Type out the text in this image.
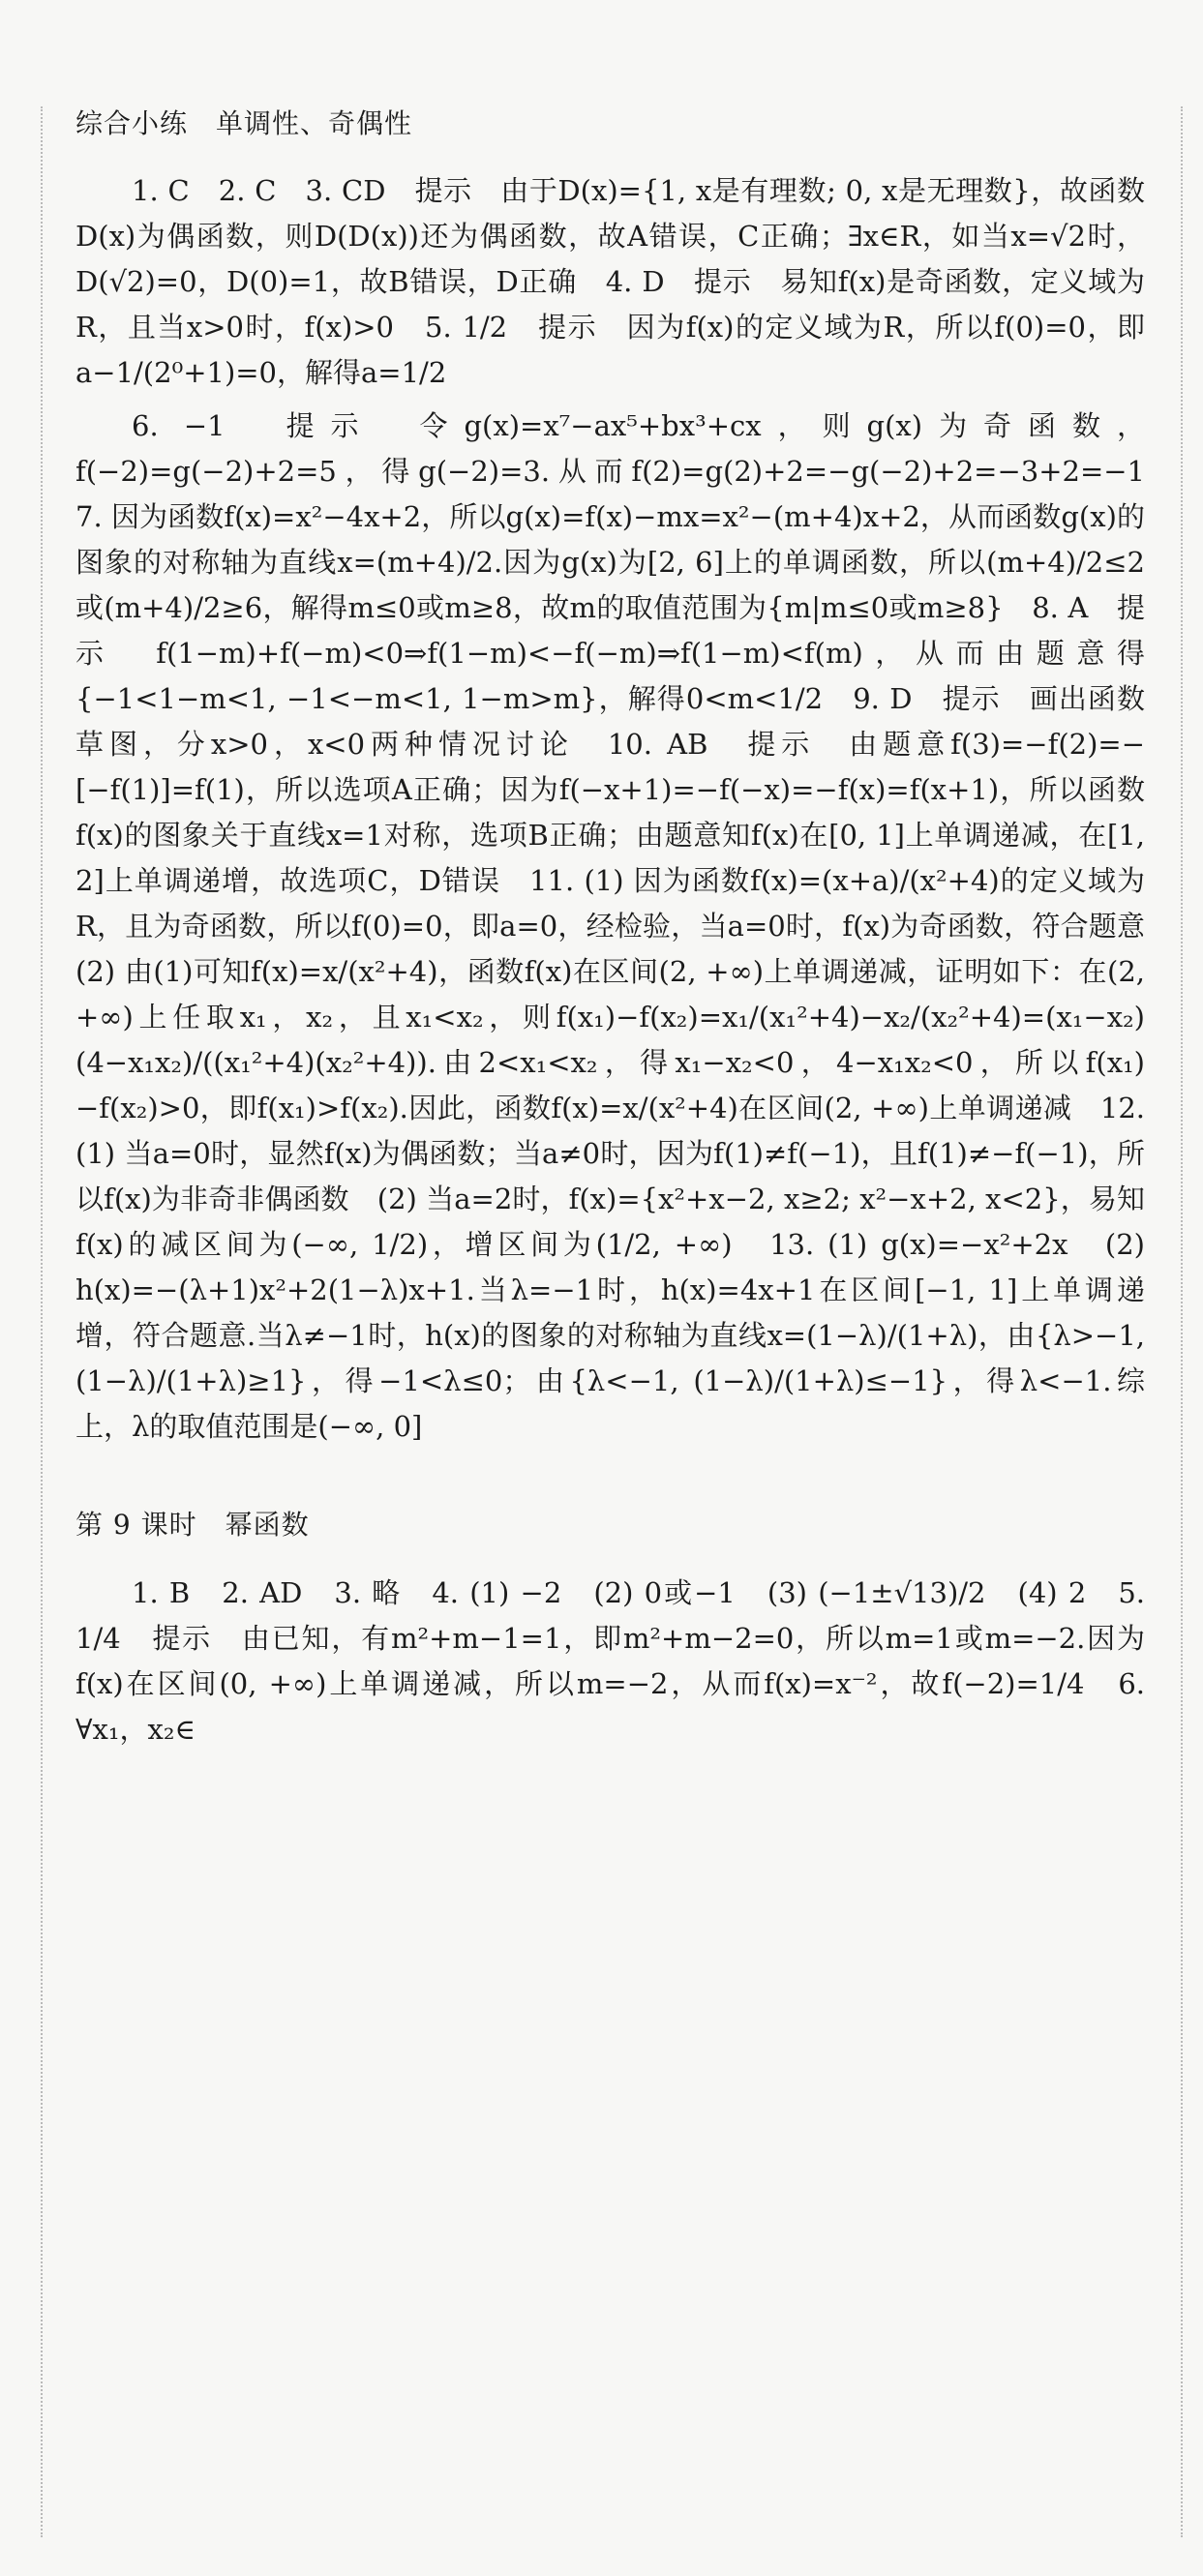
综合小练　单调性、奇偶性

1. C　2. C　3. CD　提示　由于D(x)={1, x是有理数; 0, x是无理数}，故函数D(x)为偶函数，则D(D(x))还为偶函数，故A错误，C正确；∃x∈R，如当x=√2时，D(√2)=0，D(0)=1，故B错误，D正确　4. D　提示　易知f(x)是奇函数，定义域为R，且当x>0时，f(x)>0　5. 1/2　提示　因为f(x)的定义域为R，所以f(0)=0，即a−1/(2⁰+1)=0，解得a=1/2

6. −1　提示　令g(x)=x⁷−ax⁵+bx³+cx，则g(x)为奇函数，f(−2)=g(−2)+2=5，得g(−2)=3.从而f(2)=g(2)+2=−g(−2)+2=−3+2=−1　7. 因为函数f(x)=x²−4x+2，所以g(x)=f(x)−mx=x²−(m+4)x+2，从而函数g(x)的图象的对称轴为直线x=(m+4)/2.因为g(x)为[2, 6]上的单调函数，所以(m+4)/2≤2或(m+4)/2≥6，解得m≤0或m≥8，故m的取值范围为{m|m≤0或m≥8}　8. A　提示　f(1−m)+f(−m)<0⇒f(1−m)<−f(−m)⇒f(1−m)<f(m)，从而由题意得{−1<1−m<1, −1<−m<1, 1−m>m}，解得0<m<1/2　9. D　提示　画出函数草图，分x>0，x<0两种情况讨论　10. AB　提示　由题意f(3)=−f(2)=−[−f(1)]=f(1)，所以选项A正确；因为f(−x+1)=−f(−x)=−f(x)=f(x+1)，所以函数f(x)的图象关于直线x=1对称，选项B正确；由题意知f(x)在[0, 1]上单调递减，在[1, 2]上单调递增，故选项C，D错误　11. (1) 因为函数f(x)=(x+a)/(x²+4)的定义域为R，且为奇函数，所以f(0)=0，即a=0，经检验，当a=0时，f(x)为奇函数，符合题意　(2) 由(1)可知f(x)=x/(x²+4)，函数f(x)在区间(2, +∞)上单调递减，证明如下：在(2, +∞)上任取x₁，x₂，且x₁<x₂，则f(x₁)−f(x₂)=x₁/(x₁²+4)−x₂/(x₂²+4)=(x₁−x₂)(4−x₁x₂)/((x₁²+4)(x₂²+4)).由2<x₁<x₂，得x₁−x₂<0，4−x₁x₂<0，所以f(x₁)−f(x₂)>0，即f(x₁)>f(x₂).因此，函数f(x)=x/(x²+4)在区间(2, +∞)上单调递减　12. (1) 当a=0时，显然f(x)为偶函数；当a≠0时，因为f(1)≠f(−1)，且f(1)≠−f(−1)，所以f(x)为非奇非偶函数　(2) 当a=2时，f(x)={x²+x−2, x≥2; x²−x+2, x<2}，易知f(x)的减区间为(−∞, 1/2)，增区间为(1/2, +∞)　13. (1) g(x)=−x²+2x　(2) h(x)=−(λ+1)x²+2(1−λ)x+1.当λ=−1时，h(x)=4x+1在区间[−1, 1]上单调递增，符合题意.当λ≠−1时，h(x)的图象的对称轴为直线x=(1−λ)/(1+λ)，由{λ>−1, (1−λ)/(1+λ)≥1}，得−1<λ≤0；由{λ<−1, (1−λ)/(1+λ)≤−1}，得λ<−1.综上，λ的取值范围是(−∞, 0]

第 9 课时　幂函数

1. B　2. AD　3. 略　4. (1) −2　(2) 0或−1　(3) (−1±√13)/2　(4) 2　5. 1/4　提示　由已知，有m²+m−1=1，即m²+m−2=0，所以m=1或m=−2.因为f(x)在区间(0, +∞)上单调递减，所以m=−2，从而f(x)=x⁻²，故f(−2)=1/4　6. ∀x₁，x₂∈
